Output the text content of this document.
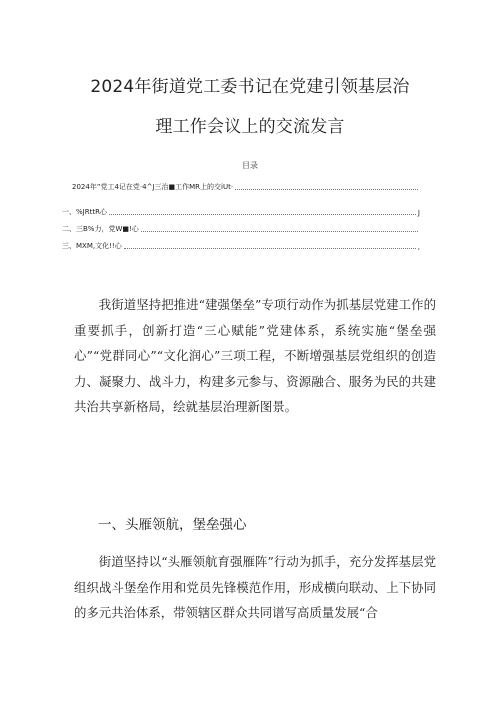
2024年街道党工委书记在党建引领基层治
理工作会议上的交流发言
目录
2024年”党工4记在党·4^J三治■工作MR上的交iUt·
一、%JRttR心	J
二、三B%力，党W■!心
三、MXM,文化!!心	,

我街道坚持把推进“建强堡垒”专项行动作为抓基层党建工作的重要抓手，创新打造“三心赋能”党建体系，系统实施“堡垒强心”“党群同心”“文化润心”三项工程，不断增强基层党组织的创造力、凝聚力、战斗力，构建多元参与、资源融合、服务为民的共建共治共享新格局，绘就基层治理新图景。

一、头雁领航，堡垒强心

街道坚持以“头雁领航育强雁阵”行动为抓手，充分发挥基层党组织战斗堡垒作用和党员先锋模范作用，形成横向联动、上下协同的多元共治体系，带领辖区群众共同谱写高质量发展“合
